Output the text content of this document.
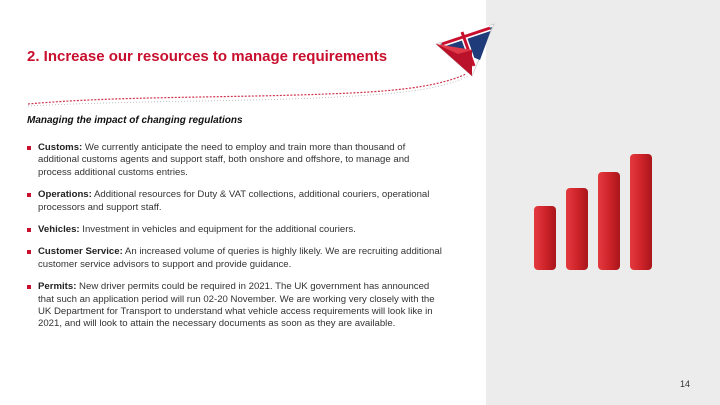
2. Increase our resources to manage requirements
Managing the impact of changing regulations
Customs: We currently anticipate the need to employ and train more than thousand of additional customs agents and support staff, both onshore and offshore, to manage and process additional customs entries.
Operations: Additional resources for Duty & VAT collections, additional couriers, operational processors and support staff.
Vehicles: Investment in vehicles and equipment for the additional couriers.
Customer Service: An increased volume of queries is highly likely. We are recruiting additional customer service advisors to support and provide guidance.
Permits: New driver permits could be required in 2021. The UK government has announced that such an application period will run 02-20 November. We are working very closely with the UK Department for Transport to understand what vehicle access requirements will look like in 2021, and will look to attain the necessary documents as soon as they are available.
14
